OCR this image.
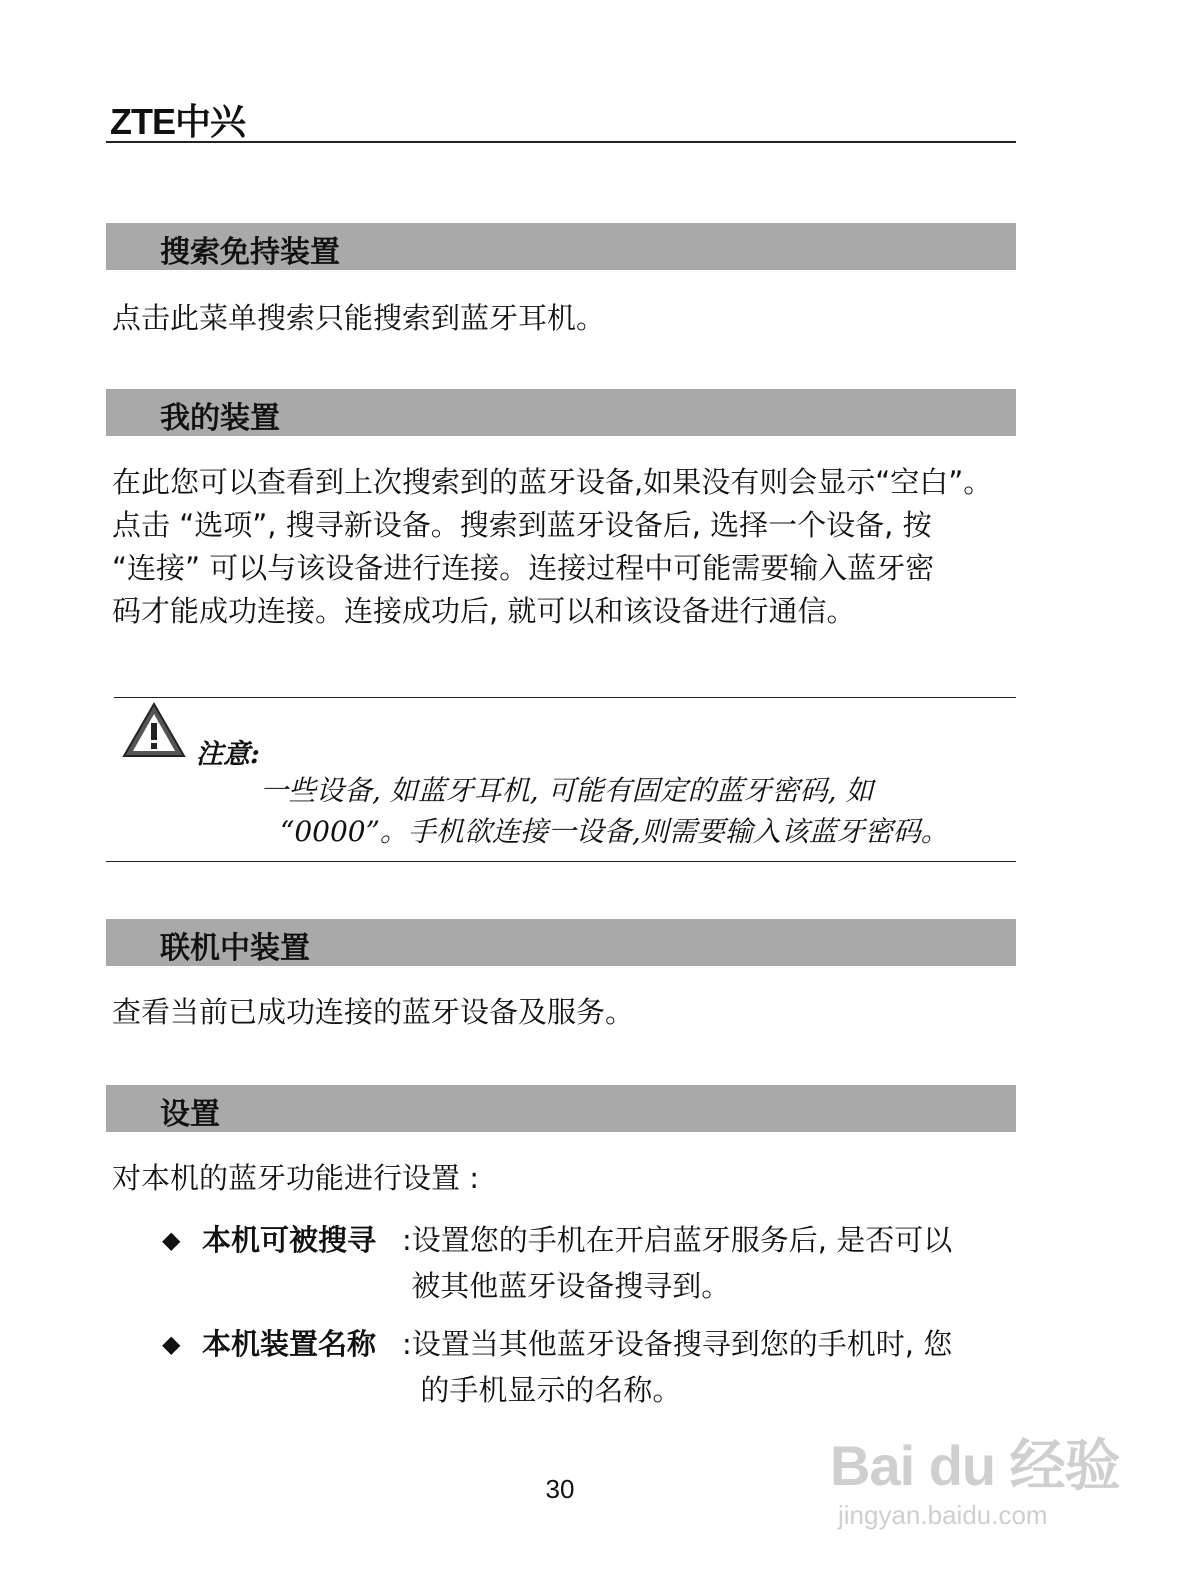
ZTE中兴
搜索免持装置
点击此菜单搜索只能搜索到蓝牙耳机。
我的装置
在此您可以查看到上次搜索到的蓝牙设备,如果没有则会显示“空白”。
点击 “选项”, 搜寻新设备。搜索到蓝牙设备后, 选择一个设备, 按
“连接” 可以与该设备进行连接。连接过程中可能需要输入蓝牙密
码才能成功连接。连接成功后, 就可以和该设备进行通信。
注意:
一些设备, 如蓝牙耳机, 可能有固定的蓝牙密码, 如
“0000”。手机欲连接一设备,则需要输入该蓝牙密码。
联机中装置
查看当前已成功连接的蓝牙设备及服务。
设置
对本机的蓝牙功能进行设置 :
◆ 本机可被搜寻 :设置您的手机在开启蓝牙服务后, 是否可以
被其他蓝牙设备搜寻到。
◆ 本机装置名称 :设置当其他蓝牙设备搜寻到您的手机时, 您
的手机显示的名称。
30	Bai du 经验
jingyan.baidu.com
